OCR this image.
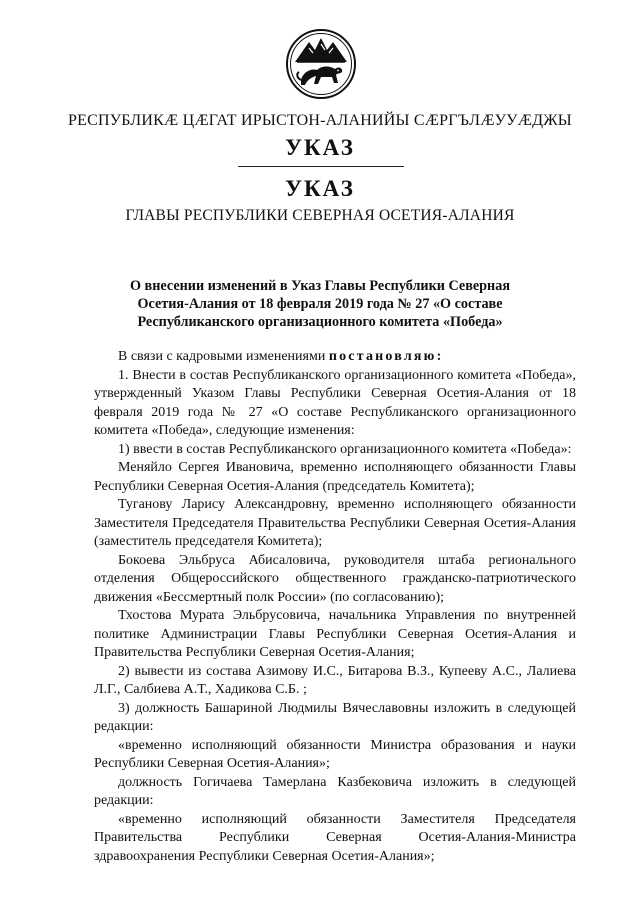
РЕСПУБЛИКӔ ЦӔГАТ ИРЫСТОН-АЛАНИЙЫ СӔРГЪЛӔУУӔДЖЫ
УКАЗ
УКАЗ
ГЛАВЫ РЕСПУБЛИКИ СЕВЕРНАЯ ОСЕТИЯ-АЛАНИЯ
О внесении изменений в Указ Главы Республики Северная
Осетия-Алания от 18 февраля 2019 года № 27 «О составе
Республиканского организационного комитета «Победа»

В связи с кадровыми изменениями постановляю:

1. Внести в состав Республиканского организационного комитета «Победа», утвержденный Указом Главы Республики Северная Осетия-Алания от 18 февраля 2019 года № 27 «О составе Республиканского организационного комитета «Победа», следующие изменения:

1) ввести в состав Республиканского организационного комитета «Победа»:

Меняйло Сергея Ивановича, временно исполняющего обязанности Главы Республики Северная Осетия-Алания (председатель Комитета);

Туганову Ларису Александровну, временно исполняющего обязанности Заместителя Председателя Правительства Республики Северная Осетия-Алания (заместитель председателя Комитета);

Бокоева Эльбруса Абисаловича, руководителя штаба регионального отделения Общероссийского общественного гражданско-патриотического движения «Бессмертный полк России» (по согласованию);

Тхостова Мурата Эльбрусовича, начальника Управления по внутренней политике Администрации Главы Республики Северная Осетия-Алания и Правительства Республики Северная Осетия-Алания;

2) вывести из состава Азимову И.С., Битарова В.З., Купееву А.С., Лалиева Л.Г., Салбиева А.Т., Хадикова С.Б. ;

3) должность Башариной Людмилы Вячеславовны изложить в следующей редакции:

«временно исполняющий обязанности Министра образования и науки Республики Северная Осетия-Алания»;

должность Гогичаева Тамерлана Казбековича изложить в следующей редакции:

«временно исполняющий обязанности Заместителя Председателя Правительства Республики Северная Осетия-Алания-Министра здравоохранения Республики Северная Осетия-Алания»;
